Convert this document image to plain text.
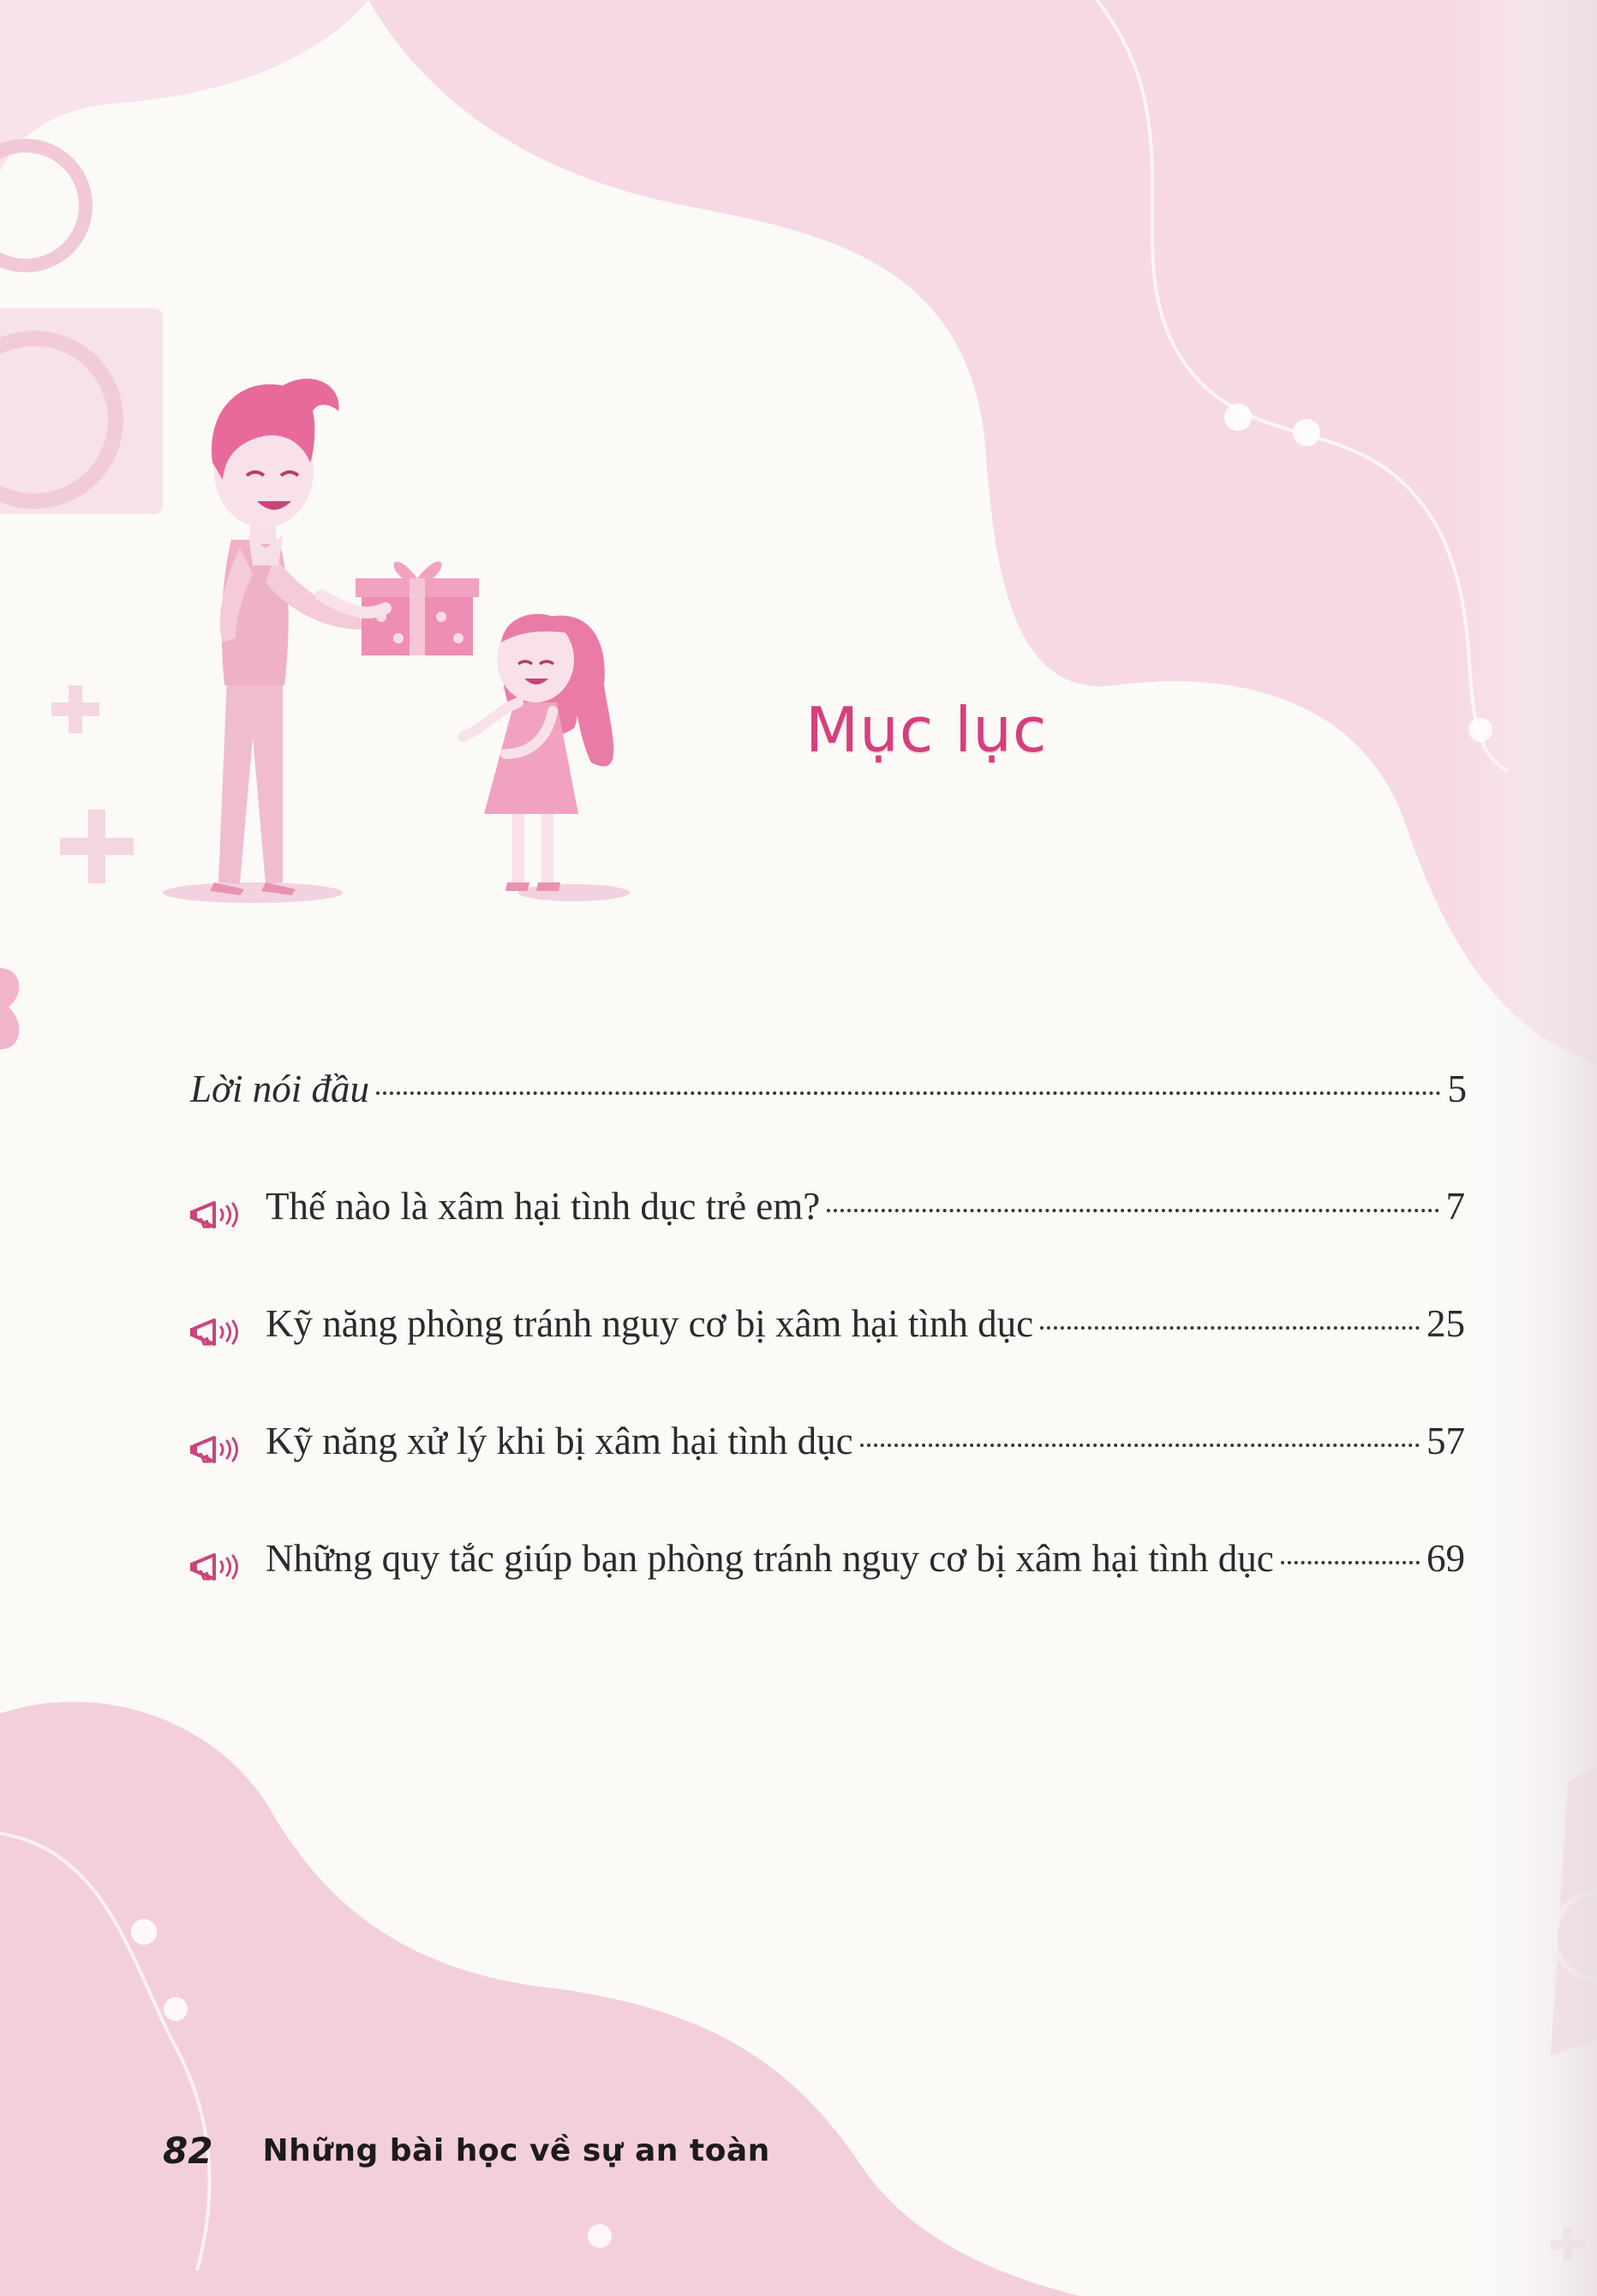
Mục lục
Lời nói đầu	5
Thế nào là xâm hại tình dục trẻ em?	7
Kỹ năng phòng tránh nguy cơ bị xâm hại tình dục	25
Kỹ năng xử lý khi bị xâm hại tình dục	57
Những quy tắc giúp bạn phòng tránh nguy cơ bị xâm hại tình dục	69
82 Những bài học về sự an toàn
